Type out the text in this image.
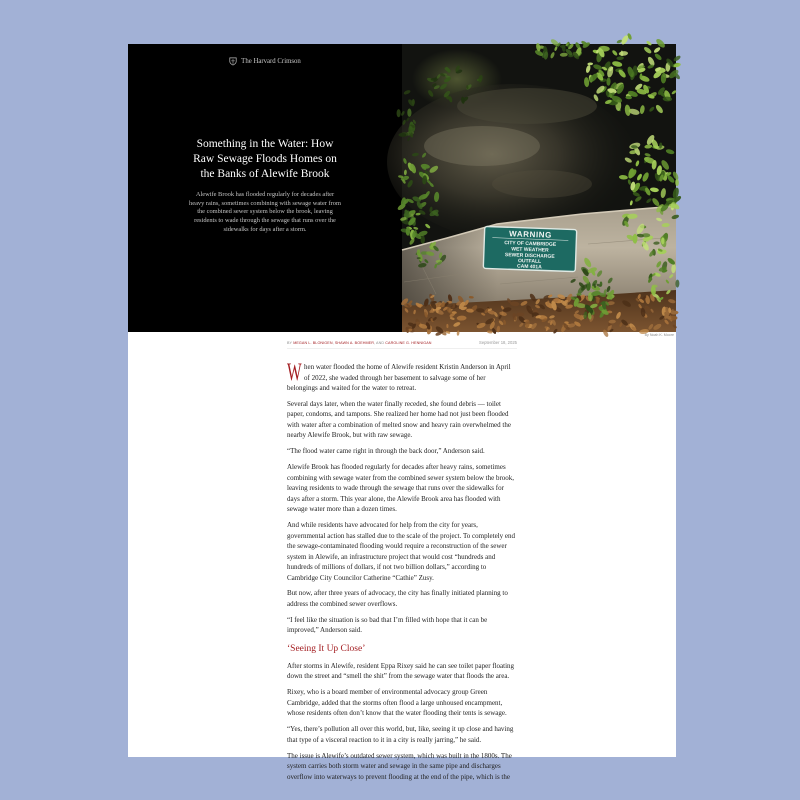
The Harvard Crimson
Something in the Water: How Raw Sewage Floods Homes on the Banks of Alewife Brook

Alewife Brook has flooded regularly for decades after heavy rains, sometimes combining with sewage water from the combined sewer system below the brook, leaving residents to wade through the sewage that runs over the sidewalks for days after a storm.	WARNING
CITY OF CAMBRIDGE
WET WEATHER
SEWER DISCHARGE
OUTFALL
CAM 401A
By Noah K. Moore
BY MEGAN L. BLONIGEN, SHAWN A. BOEHMER, AND CAROLINE G. HENNIGAN	September 18, 2025

When water flooded the home of Alewife resident Kristin Anderson in April of 2022, she waded through her basement to salvage some of her belongings and waited for the water to retreat.

Several days later, when the water finally receded, she found debris — toilet paper, condoms, and tampons. She realized her home had not just been flooded with water after a combination of melted snow and heavy rain overwhelmed the nearby Alewife Brook, but with raw sewage.

“The flood water came right in through the back door,” Anderson said.

Alewife Brook has flooded regularly for decades after heavy rains, sometimes combining with sewage water from the combined sewer system below the brook, leaving residents to wade through the sewage that runs over the sidewalks for days after a storm. This year alone, the Alewife Brook area has flooded with sewage water more than a dozen times.

And while residents have advocated for help from the city for years, governmental action has stalled due to the scale of the project. To completely end the sewage-contaminated flooding would require a reconstruction of the sewer system in Alewife, an infrastructure project that would cost “hundreds and hundreds of millions of dollars, if not two billion dollars,” according to Cambridge City Councilor Catherine “Cathie” Zusy.

But now, after three years of advocacy, the city has finally initiated planning to address the combined sewer overflows.

“I feel like the situation is so bad that I’m filled with hope that it can be improved,” Anderson said.

‘Seeing It Up Close’

After storms in Alewife, resident Eppa Rixey said he can see toilet paper floating down the street and “smell the shit” from the sewage water that floods the area.

Rixey, who is a board member of environmental advocacy group Green Cambridge, added that the storms often flood a large unhoused encampment, whose residents often don’t know that the water flooding their tents is sewage.

“Yes, there’s pollution all over this world, but, like, seeing it up close and having that type of a visceral reaction to it in a city is really jarring,” he said.

The issue is Alewife’s outdated sewer system, which was built in the 1800s. The system carries both storm water and sewage in the same pipe and discharges overflow into waterways to prevent flooding at the end of the pipe, which is the
